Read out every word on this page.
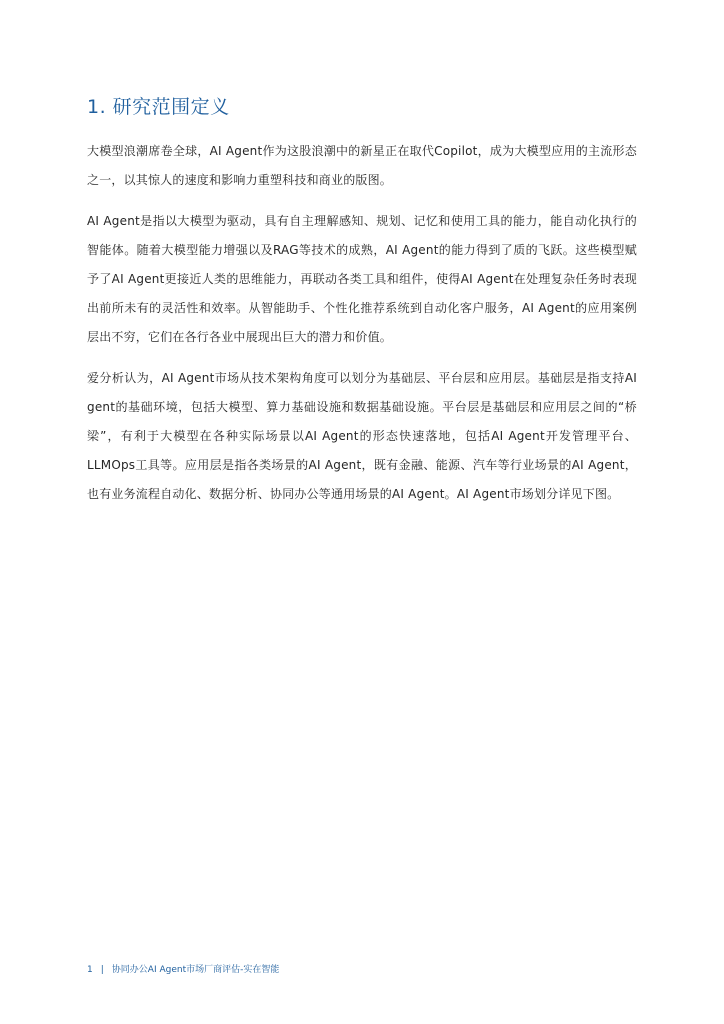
1. 研究范围定义

大模型浪潮席卷全球，AI Agent作为这股浪潮中的新星正在取代Copilot，成为大模型应用的主流形态之一，以其惊人的速度和影响力重塑科技和商业的版图。

AI Agent是指以大模型为驱动，具有自主理解感知、规划、记忆和使用工具的能力，能自动化执行的智能体。随着大模型能力增强以及RAG等技术的成熟，AI Agent的能力得到了质的飞跃。这些模型赋予了AI Agent更接近人类的思维能力，再联动各类工具和组件，使得AI Agent在处理复杂任务时表现出前所未有的灵活性和效率。从智能助手、个性化推荐系统到自动化客户服务，AI Agent的应用案例层出不穷，它们在各行各业中展现出巨大的潜力和价值。

爱分析认为，AI Agent市场从技术架构角度可以划分为基础层、平台层和应用层。基础层是指支持AI gent的基础环境，包括大模型、算力基础设施和数据基础设施。平台层是基础层和应用层之间的“桥梁”，有利于大模型在各种实际场景以AI Agent的形态快速落地，包括AI Agent开发管理平台、LLMOps工具等。应用层是指各类场景的AI Agent，既有金融、能源、汽车等行业场景的AI Agent，也有业务流程自动化、数据分析、协同办公等通用场景的AI Agent。AI Agent市场划分详见下图。

1 | 协同办公AI Agent市场厂商评估-实在智能
